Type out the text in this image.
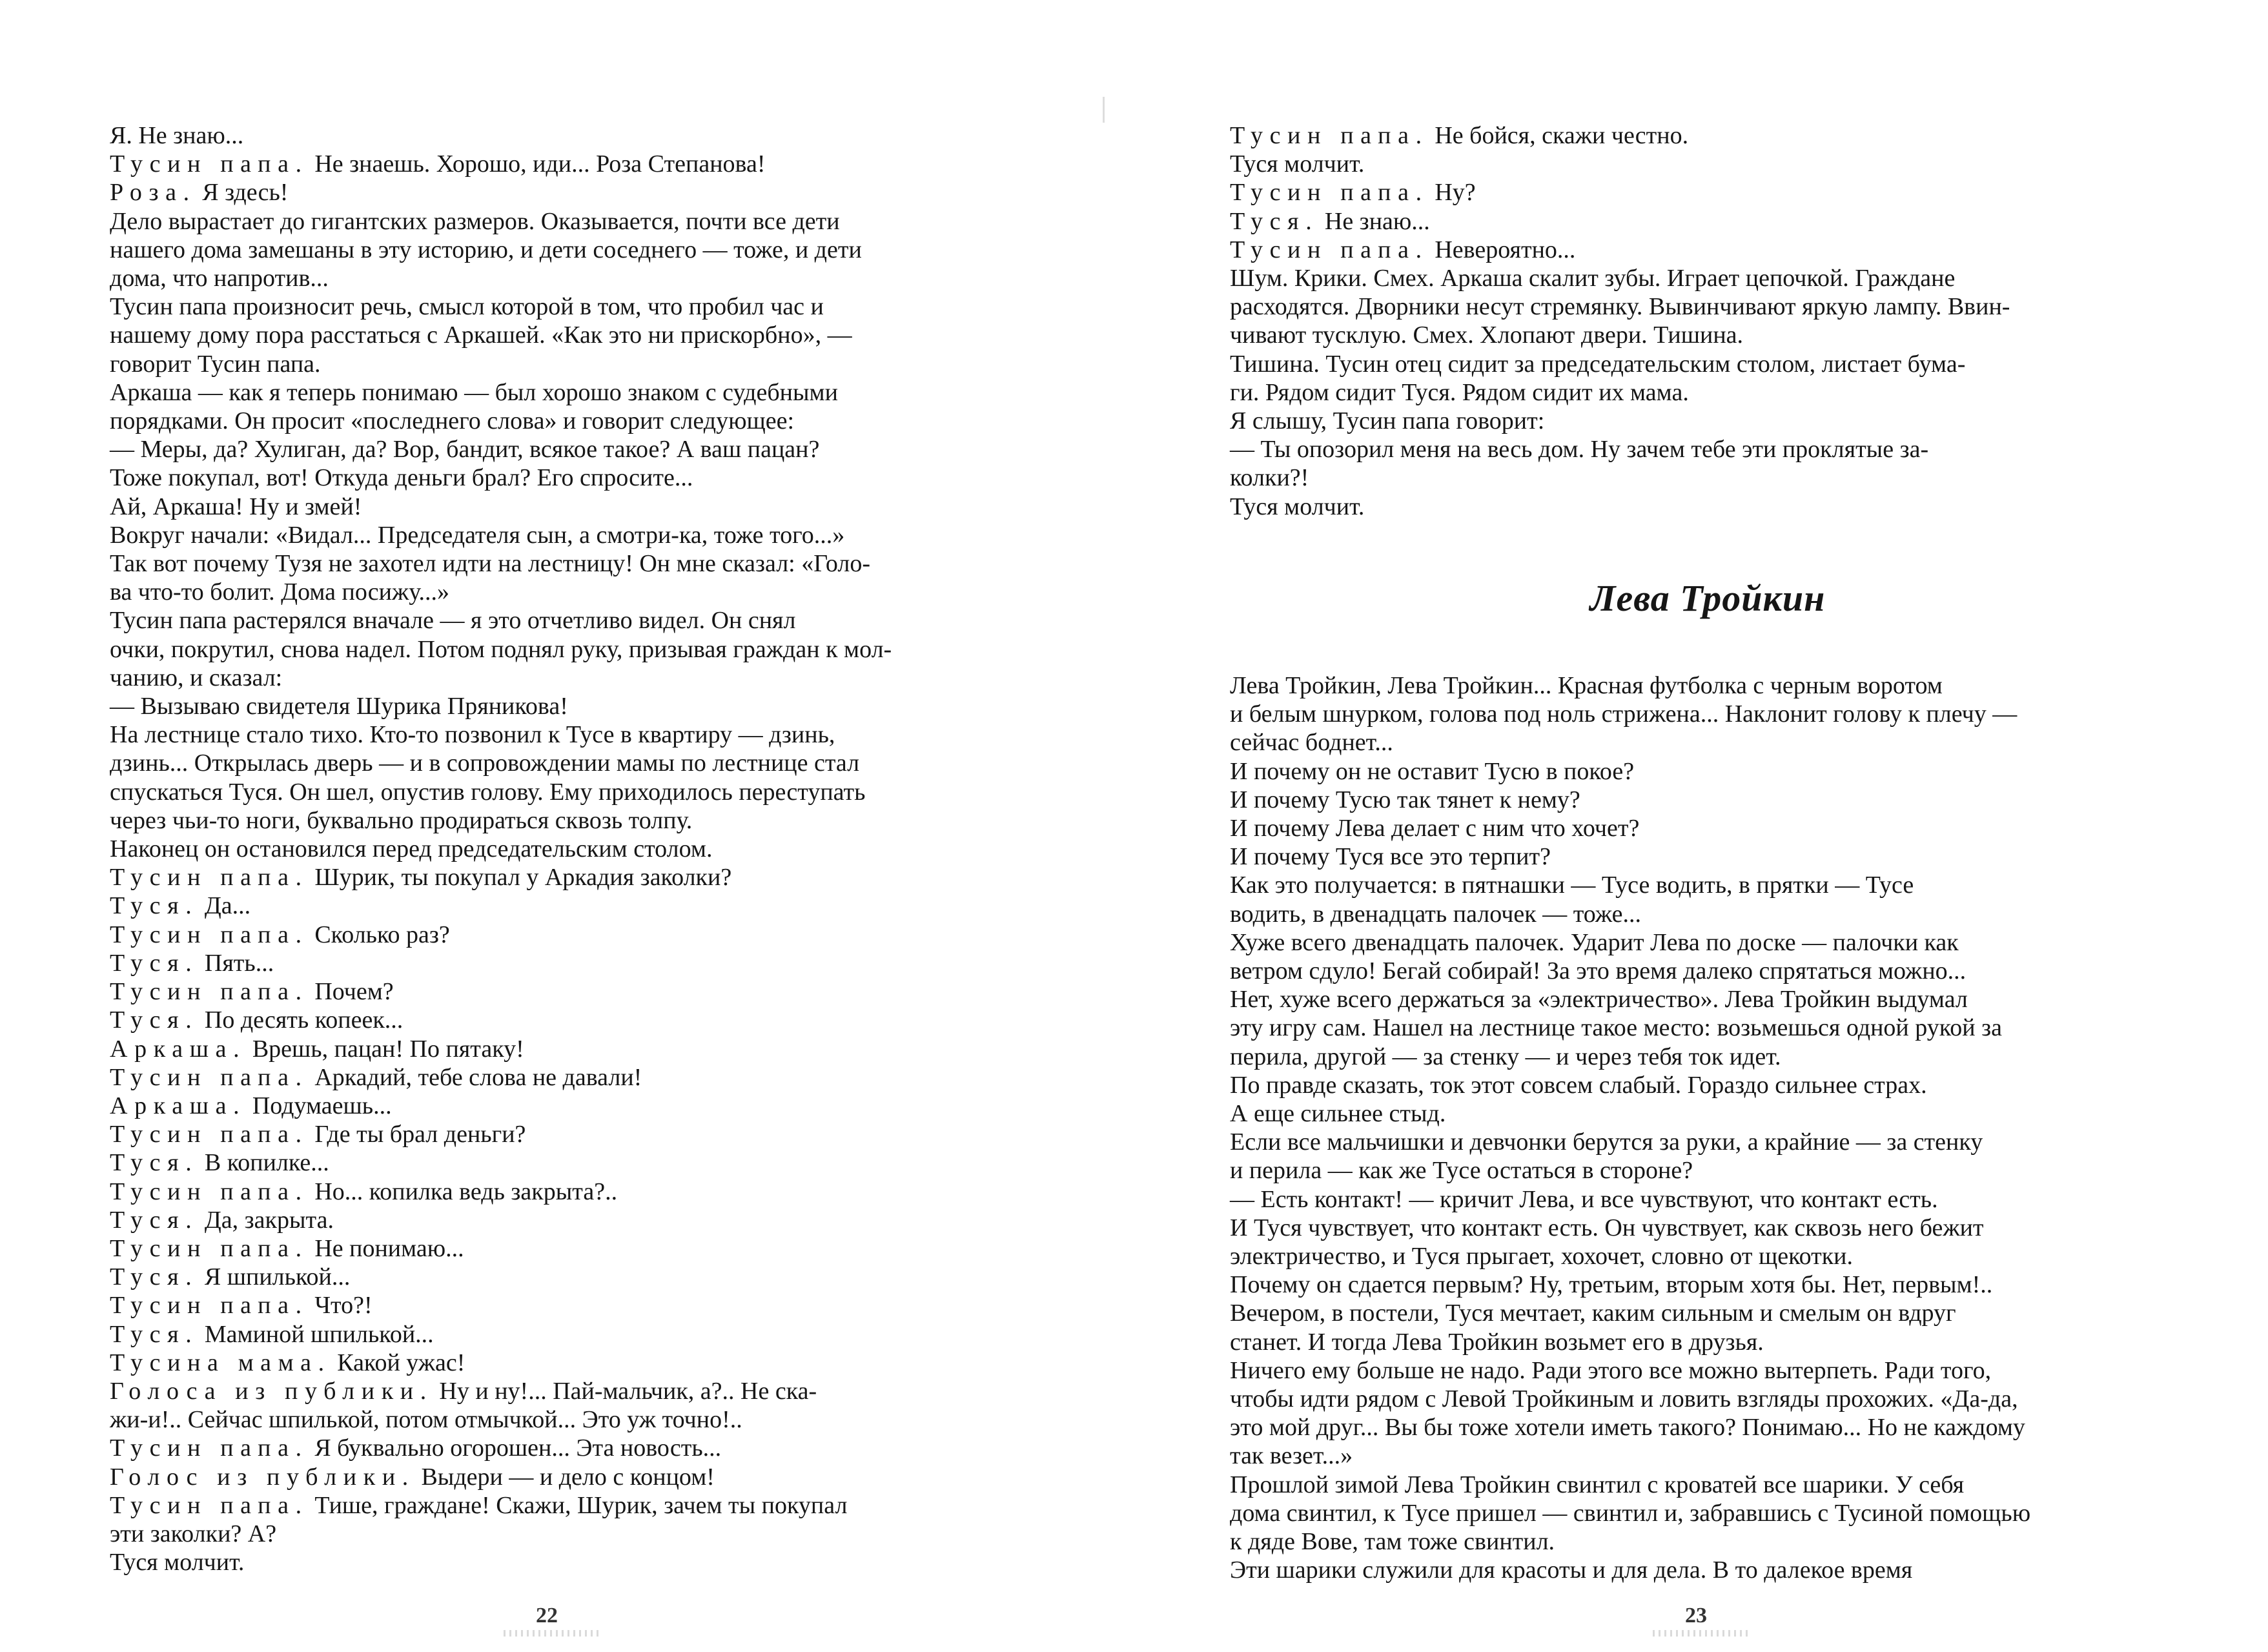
Я. Не знаю...

Тусин папа. Не знаешь. Хорошо, иди... Роза Степанова!

Роза. Я здесь!

Дело вырастает до гигантских размеров. Оказывается, почти все дети

нашего дома замешаны в эту историю, и дети соседнего — тоже, и дети

дома, что напротив...

Тусин папа произносит речь, смысл которой в том, что пробил час и

нашему дому пора расстаться с Аркашей. «Как это ни прискорбно», —

говорит Тусин папа.

Аркаша — как я теперь понимаю — был хорошо знаком с судебными

порядками. Он просит «последнего слова» и говорит следующее:

— Меры, да? Хулиган, да? Вор, бандит, всякое такое? А ваш пацан?

Тоже покупал, вот! Откуда деньги брал? Его спросите...

Ай, Аркаша! Ну и змей!

Вокруг начали: «Видал... Председателя сын, а смотри-ка, тоже того...»

Так вот почему Тузя не захотел идти на лестницу! Он мне сказал: «Голо-

ва что-то болит. Дома посижу...»

Тусин папа растерялся вначале — я это отчетливо видел. Он снял

очки, покрутил, снова надел. Потом поднял руку, призывая граждан к мол-

чанию, и сказал:

— Вызываю свидетеля Шурика Пряникова!

На лестнице стало тихо. Кто-то позвонил к Тусе в квартиру — дзинь,

дзинь... Открылась дверь — и в сопровождении мамы по лестнице стал

спускаться Туся. Он шел, опустив голову. Ему приходилось переступать

через чьи-то ноги, буквально продираться сквозь толпу.

Наконец он остановился перед председательским столом.

Тусин папа. Шурик, ты покупал у Аркадия заколки?

Туся. Да...

Тусин папа. Сколько раз?

Туся. Пять...

Тусин папа. Почем?

Туся. По десять копеек...

Аркаша. Врешь, пацан! По пятаку!

Тусин папа. Аркадий, тебе слова не давали!

Аркаша. Подумаешь...

Тусин папа. Где ты брал деньги?

Туся. В копилке...

Тусин папа. Но... копилка ведь закрыта?..

Туся. Да, закрыта.

Тусин папа. Не понимаю...

Туся. Я шпилькой...

Тусин папа. Что?!

Туся. Маминой шпилькой...

Тусина мама. Какой ужас!

Голоса из публики. Ну и ну!... Пай-мальчик, а?.. Не ска-

жи-и!.. Сейчас шпилькой, потом отмычкой... Это уж точно!..

Тусин папа. Я буквально огорошен... Эта новость...

Голос из публики. Выдери — и дело с концом!

Тусин папа. Тише, граждане! Скажи, Шурик, зачем ты покупал

эти заколки? А?

Туся молчит.

22

Тусин папа. Не бойся, скажи честно.

Туся молчит.

Тусин папа. Ну?

Туся. Не знаю...

Тусин папа. Невероятно...

Шум. Крики. Смех. Аркаша скалит зубы. Играет цепочкой. Граждане

расходятся. Дворники несут стремянку. Вывинчивают яркую лампу. Ввин-

чивают тусклую. Смех. Хлопают двери. Тишина.

Тишина. Тусин отец сидит за председательским столом, листает бума-

ги. Рядом сидит Туся. Рядом сидит их мама.

Я слышу, Тусин папа говорит:

— Ты опозорил меня на весь дом. Ну зачем тебе эти проклятые за-

колки?!

Туся молчит.

Лева Тройкин

Лева Тройкин, Лева Тройкин... Красная футболка с черным воротом

и белым шнурком, голова под ноль стрижена... Наклонит голову к плечу —

сейчас боднет...

И почему он не оставит Тусю в покое?

И почему Тусю так тянет к нему?

И почему Лева делает с ним что хочет?

И почему Туся все это терпит?

Как это получается: в пятнашки — Тусе водить, в прятки — Тусе

водить, в двенадцать палочек — тоже...

Хуже всего двенадцать палочек. Ударит Лева по доске — палочки как

ветром сдуло! Бегай собирай! За это время далеко спрятаться можно...

Нет, хуже всего держаться за «электричество». Лева Тройкин выдумал

эту игру сам. Нашел на лестнице такое место: возьмешься одной рукой за

перила, другой — за стенку — и через тебя ток идет.

По правде сказать, ток этот совсем слабый. Гораздо сильнее страх.

А еще сильнее стыд.

Если все мальчишки и девчонки берутся за руки, а крайние — за стенку

и перила — как же Тусе остаться в стороне?

— Есть контакт! — кричит Лева, и все чувствуют, что контакт есть.

И Туся чувствует, что контакт есть. Он чувствует, как сквозь него бежит

электричество, и Туся прыгает, хохочет, словно от щекотки.

Почему он сдается первым? Ну, третьим, вторым хотя бы. Нет, первым!..

Вечером, в постели, Туся мечтает, каким сильным и смелым он вдруг

станет. И тогда Лева Тройкин возьмет его в друзья.

Ничего ему больше не надо. Ради этого все можно вытерпеть. Ради того,

чтобы идти рядом с Левой Тройкиным и ловить взгляды прохожих. «Да-да,

это мой друг... Вы бы тоже хотели иметь такого? Понимаю... Но не каждому

так везет...»

Прошлой зимой Лева Тройкин свинтил с кроватей все шарики. У себя

дома свинтил, к Тусе пришел — свинтил и, забравшись с Тусиной помощью

к дяде Вове, там тоже свинтил.

Эти шарики служили для красоты и для дела. В то далекое время

23
